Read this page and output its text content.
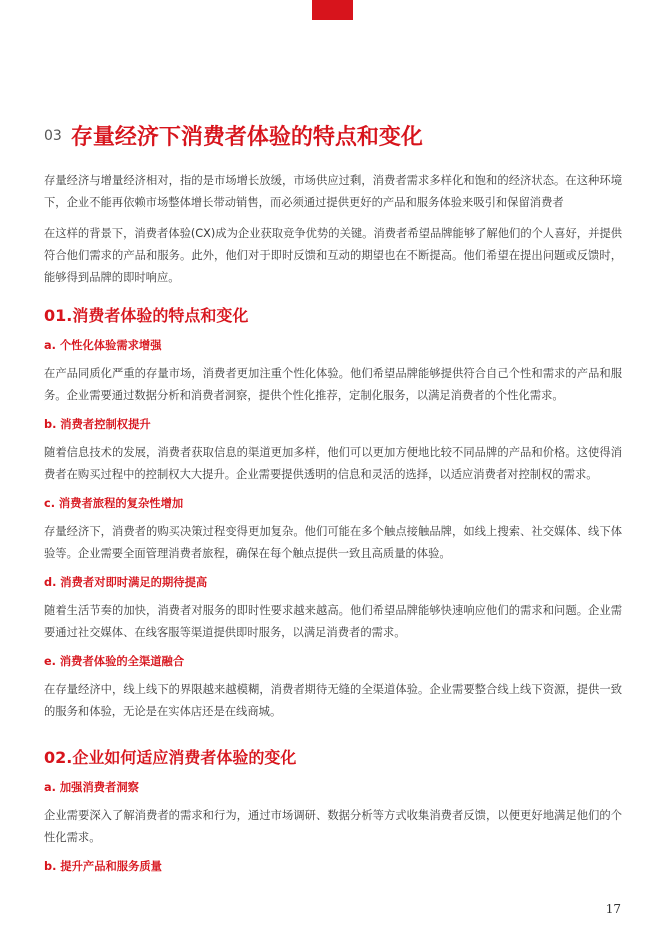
03 存量经济下消费者体验的特点和变化

存量经济与增量经济相对，指的是市场增长放缓，市场供应过剩，消费者需求多样化和饱和的经济状态。在这种环境下，企业不能再依赖市场整体增长带动销售，而必须通过提供更好的产品和服务体验来吸引和保留消费者

在这样的背景下，消费者体验(CX)成为企业获取竞争优势的关键。消费者希望品牌能够了解他们的个人喜好，并提供符合他们需求的产品和服务。此外，他们对于即时反馈和互动的期望也在不断提高。他们希望在提出问题或反馈时，能够得到品牌的即时响应。

01.消费者体验的特点和变化
a. 个性化体验需求增强

在产品同质化严重的存量市场，消费者更加注重个性化体验。他们希望品牌能够提供符合自己个性和需求的产品和服务。企业需要通过数据分析和消费者洞察，提供个性化推荐，定制化服务，以满足消费者的个性化需求。

b. 消费者控制权提升

随着信息技术的发展，消费者获取信息的渠道更加多样，他们可以更加方便地比较不同品牌的产品和价格。这使得消费者在购买过程中的控制权大大提升。企业需要提供透明的信息和灵活的选择，以适应消费者对控制权的需求。

c. 消费者旅程的复杂性增加

存量经济下，消费者的购买决策过程变得更加复杂。他们可能在多个触点接触品牌，如线上搜索、社交媒体、线下体验等。企业需要全面管理消费者旅程，确保在每个触点提供一致且高质量的体验。

d. 消费者对即时满足的期待提高

随着生活节奏的加快，消费者对服务的即时性要求越来越高。他们希望品牌能够快速响应他们的需求和问题。企业需要通过社交媒体、在线客服等渠道提供即时服务，以满足消费者的需求。

e. 消费者体验的全渠道融合

在存量经济中，线上线下的界限越来越模糊，消费者期待无缝的全渠道体验。企业需要整合线上线下资源，提供一致的服务和体验，无论是在实体店还是在线商城。

02.企业如何适应消费者体验的变化
a. 加强消费者洞察

企业需要深入了解消费者的需求和行为，通过市场调研、数据分析等方式收集消费者反馈，以便更好地满足他们的个性化需求。

b. 提升产品和服务质量
17
